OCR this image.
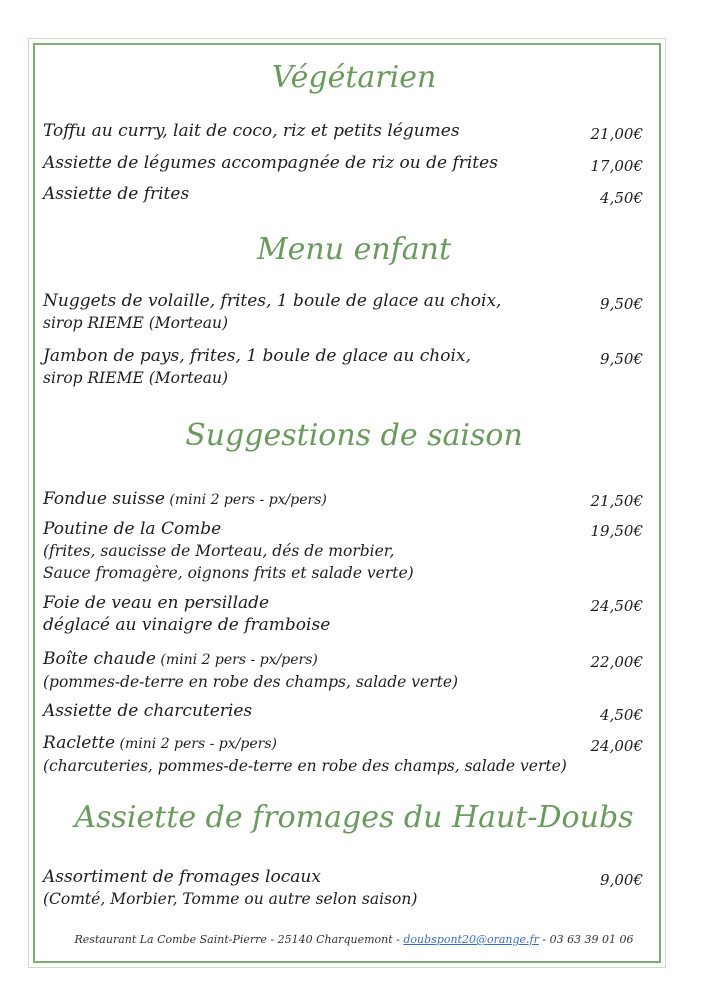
Végétarien
Toffu au curry, lait de coco, riz et petits légumes	21,00€
Assiette de légumes accompagnée de riz ou de frites	17,00€
Assiette de frites	4,50€
Menu enfant
Nuggets de volaille, frites, 1 boule de glace au choix,
sirop RIEME (Morteau)
9,50€
Jambon de pays, frites, 1 boule de glace au choix,
sirop RIEME (Morteau)
9,50€
Suggestions de saison
Fondue suisse (mini 2 pers - px/pers)	21,50€
Poutine de la Combe
(frites, saucisse de Morteau, dés de morbier,
Sauce fromagère, oignons frits et salade verte)
19,50€
Foie de veau en persillade
déglacé au vinaigre de framboise
24,50€
Boîte chaude (mini 2 pers - px/pers)
(pommes-de-terre en robe des champs, salade verte)
22,00€
Assiette de charcuteries	4,50€
Raclette (mini 2 pers - px/pers)
(charcuteries, pommes-de-terre en robe des champs, salade verte)
24,00€
Assiette de fromages du Haut-Doubs
Assortiment de fromages locaux
(Comté, Morbier, Tomme ou autre selon saison)
9,00€
Restaurant La Combe Saint-Pierre - 25140 Charquemont - doubspont20@orange.fr - 03 63 39 01 06
